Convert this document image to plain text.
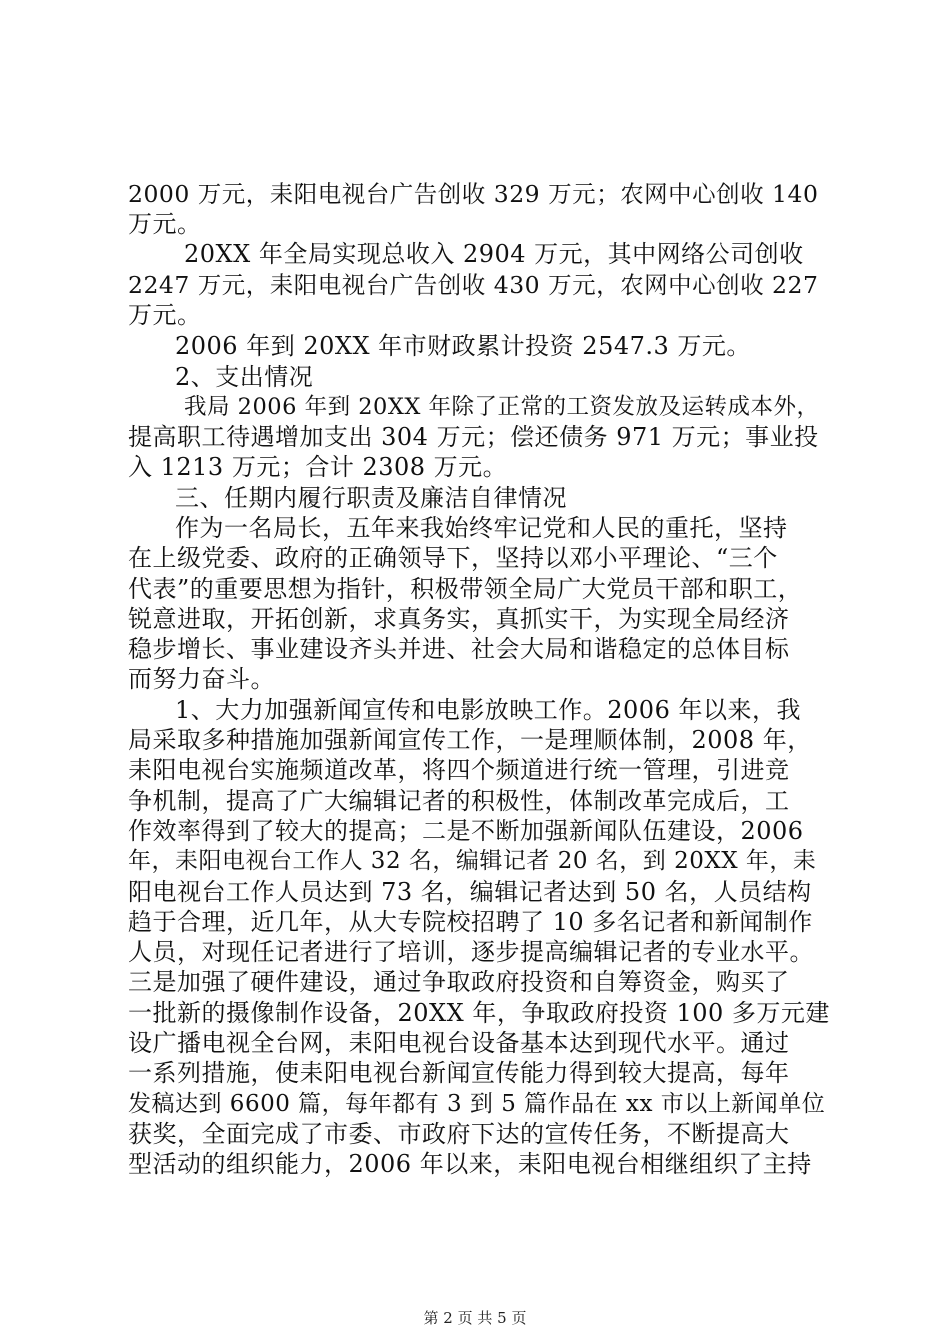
2000 万元，耒阳电视台广告创收 329 万元；农网中心创收 140
万元。
20XX 年全局实现总收入 2904 万元，其中网络公司创收
2247 万元，耒阳电视台广告创收 430 万元，农网中心创收 227
万元。
2006 年到 20XX 年市财政累计投资 2547.3 万元。
2、支出情况
我局 2006 年到 20XX 年除了正常的工资发放及运转成本外，
提高职工待遇增加支出 304 万元；偿还债务 971 万元；事业投
入 1213 万元；合计 2308 万元。
三、任期内履行职责及廉洁自律情况
作为一名局长，五年来我始终牢记党和人民的重托，坚持
在上级党委、政府的正确领导下，坚持以邓小平理论、“三个
代表”的重要思想为指针，积极带领全局广大党员干部和职工，
锐意进取，开拓创新，求真务实，真抓实干，为实现全局经济
稳步增长、事业建设齐头并进、社会大局和谐稳定的总体目标
而努力奋斗。
1、大力加强新闻宣传和电影放映工作。2006 年以来，我
局采取多种措施加强新闻宣传工作，一是理顺体制，2008 年，
耒阳电视台实施频道改革，将四个频道进行统一管理，引进竞
争机制，提高了广大编辑记者的积极性，体制改革完成后，工
作效率得到了较大的提高；二是不断加强新闻队伍建设，2006
年，耒阳电视台工作人 32 名，编辑记者 20 名，到 20XX 年，耒
阳电视台工作人员达到 73 名，编辑记者达到 50 名，人员结构
趋于合理，近几年，从大专院校招聘了 10 多名记者和新闻制作
人员，对现任记者进行了培训，逐步提高编辑记者的专业水平。
三是加强了硬件建设，通过争取政府投资和自筹资金，购买了
一批新的摄像制作设备，20XX 年，争取政府投资 100 多万元建
设广播电视全台网，耒阳电视台设备基本达到现代水平。通过
一系列措施，使耒阳电视台新闻宣传能力得到较大提高，每年
发稿达到 6600 篇，每年都有 3 到 5 篇作品在 xx 市以上新闻单位
获奖，全面完成了市委、市政府下达的宣传任务，不断提高大
型活动的组织能力，2006 年以来，耒阳电视台相继组织了主持
第 2 页 共 5 页
